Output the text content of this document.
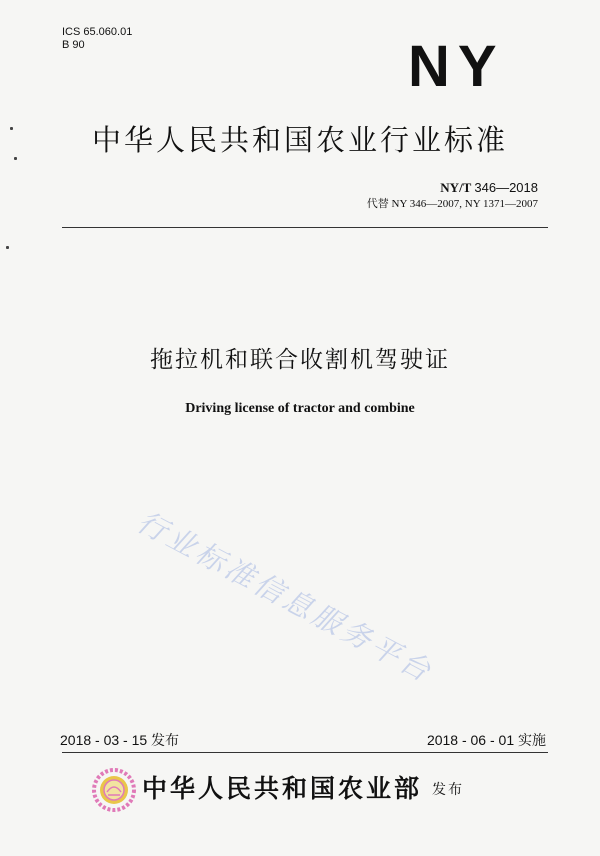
ICS 65.060.01
B 90	NY
中华人民共和国农业行业标准
NY/T 346—2018
代替 NY 346—2007, NY 1371—2007
拖拉机和联合收割机驾驶证
Driving license of tractor and combine
行业标准信息服务平台
2018 - 03 - 15 发布	2018 - 06 - 01 实施
中华人民共和国农业部 发布
